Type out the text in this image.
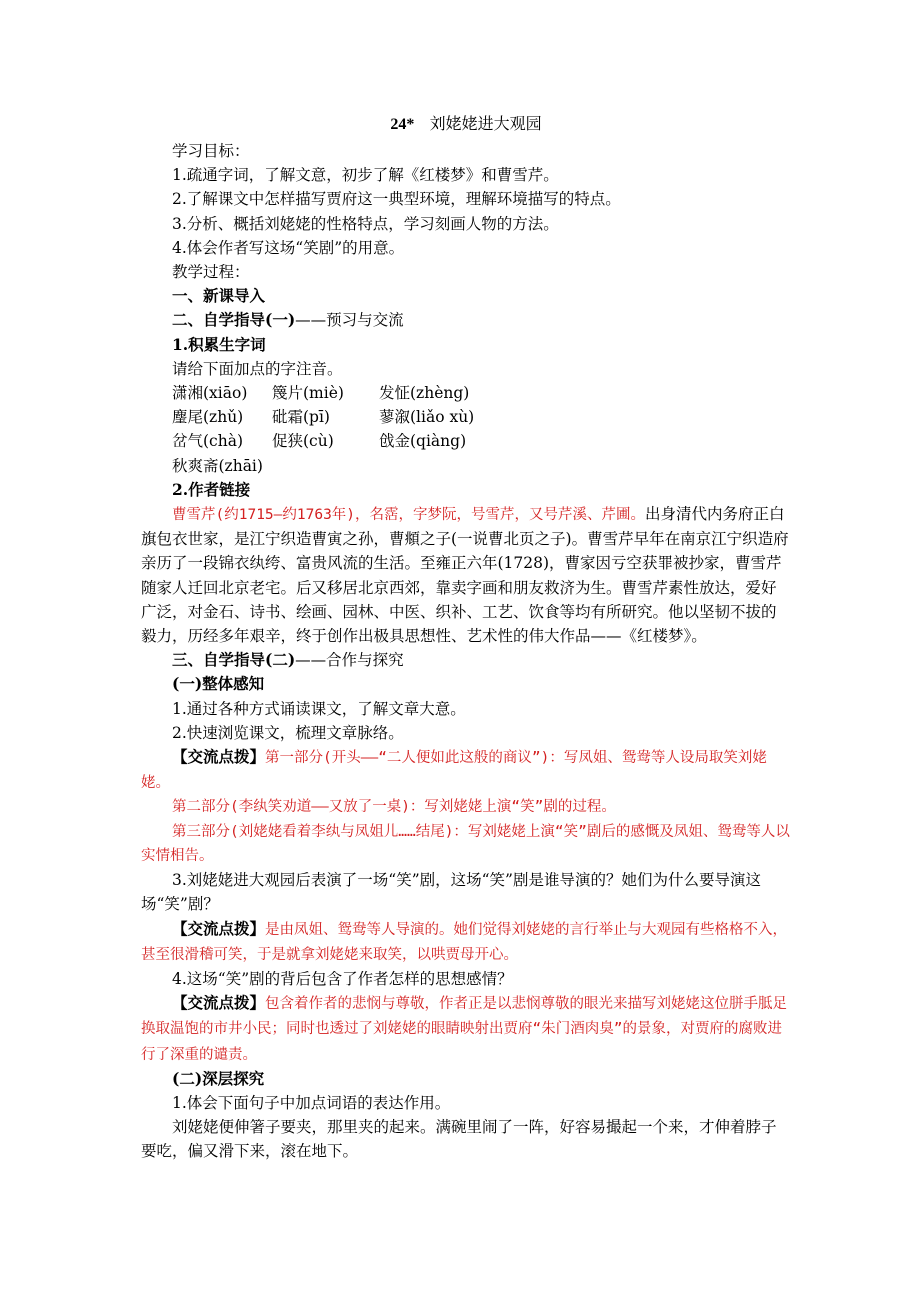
24* 刘姥姥进大观园

学习目标：

1.疏通字词，了解文意，初步了解《红楼梦》和曹雪芹。

2.了解课文中怎样描写贾府这一典型环境，理解环境描写的特点。

3.分析、概括刘姥姥的性格特点，学习刻画人物的方法。

4.体会作者写这场“笑剧”的用意。

教学过程：

一、新课导入

二、自学指导(一)——预习与交流

1.积累生字词

请给下面加点的字注音。

潇湘(xiāo) 篾片(miè) 发怔(zhèng)
麈尾(zhǔ) 砒霜(pī)	蓼溆(liǎo xù)
岔气(chà) 促狭(cù)	戗金(qiàng)
秋爽斋(zhāi)

2.作者链接

曹雪芹(约1715—约1763年)，名霑，字梦阮，号雪芹，又号芹溪、芹圃。出身清代内务府正白旗包衣世家，是江宁织造曹寅之孙，曹頫之子(一说曹北页之子)。曹雪芹早年在南京江宁织造府亲历了一段锦衣纨绔、富贵风流的生活。至雍正六年(1728)，曹家因亏空获罪被抄家，曹雪芹随家人迁回北京老宅。后又移居北京西郊，靠卖字画和朋友救济为生。曹雪芹素性放达，爱好广泛，对金石、诗书、绘画、园林、中医、织补、工艺、饮食等均有所研究。他以坚韧不拔的毅力，历经多年艰辛，终于创作出极具思想性、艺术性的伟大作品——《红楼梦》。

三、自学指导(二)——合作与探究

(一)整体感知

1.通过各种方式诵读课文，了解文章大意。

2.快速浏览课文，梳理文章脉络。

【交流点拨】第一部分(开头——“二人便如此这般的商议”)：写凤姐、鸳鸯等人设局取笑刘姥姥。

第二部分(李纨笑劝道——又放了一桌)：写刘姥姥上演“笑”剧的过程。

第三部分(刘姥姥看着李纨与凤姐儿……结尾)：写刘姥姥上演“笑”剧后的感慨及凤姐、鸳鸯等人以实情相告。

3.刘姥姥进大观园后表演了一场“笑”剧，这场“笑”剧是谁导演的？她们为什么要导演这场“笑”剧？

【交流点拨】是由凤姐、鸳鸯等人导演的。她们觉得刘姥姥的言行举止与大观园有些格格不入，甚至很滑稽可笑，于是就拿刘姥姥来取笑，以哄贾母开心。

4.这场“笑”剧的背后包含了作者怎样的思想感情？

【交流点拨】包含着作者的悲悯与尊敬，作者正是以悲悯尊敬的眼光来描写刘姥姥这位胼手胝足换取温饱的市井小民；同时也透过了刘姥姥的眼睛映射出贾府“朱门酒肉臭”的景象，对贾府的腐败进行了深重的谴责。

(二)深层探究

1.体会下面句子中加点词语的表达作用。

刘姥姥便伸箸子要夹，那里夹的起来。满碗里闹了一阵，好容易撮起一个来，才伸着脖子要吃，偏又滑下来，滚在地下。
